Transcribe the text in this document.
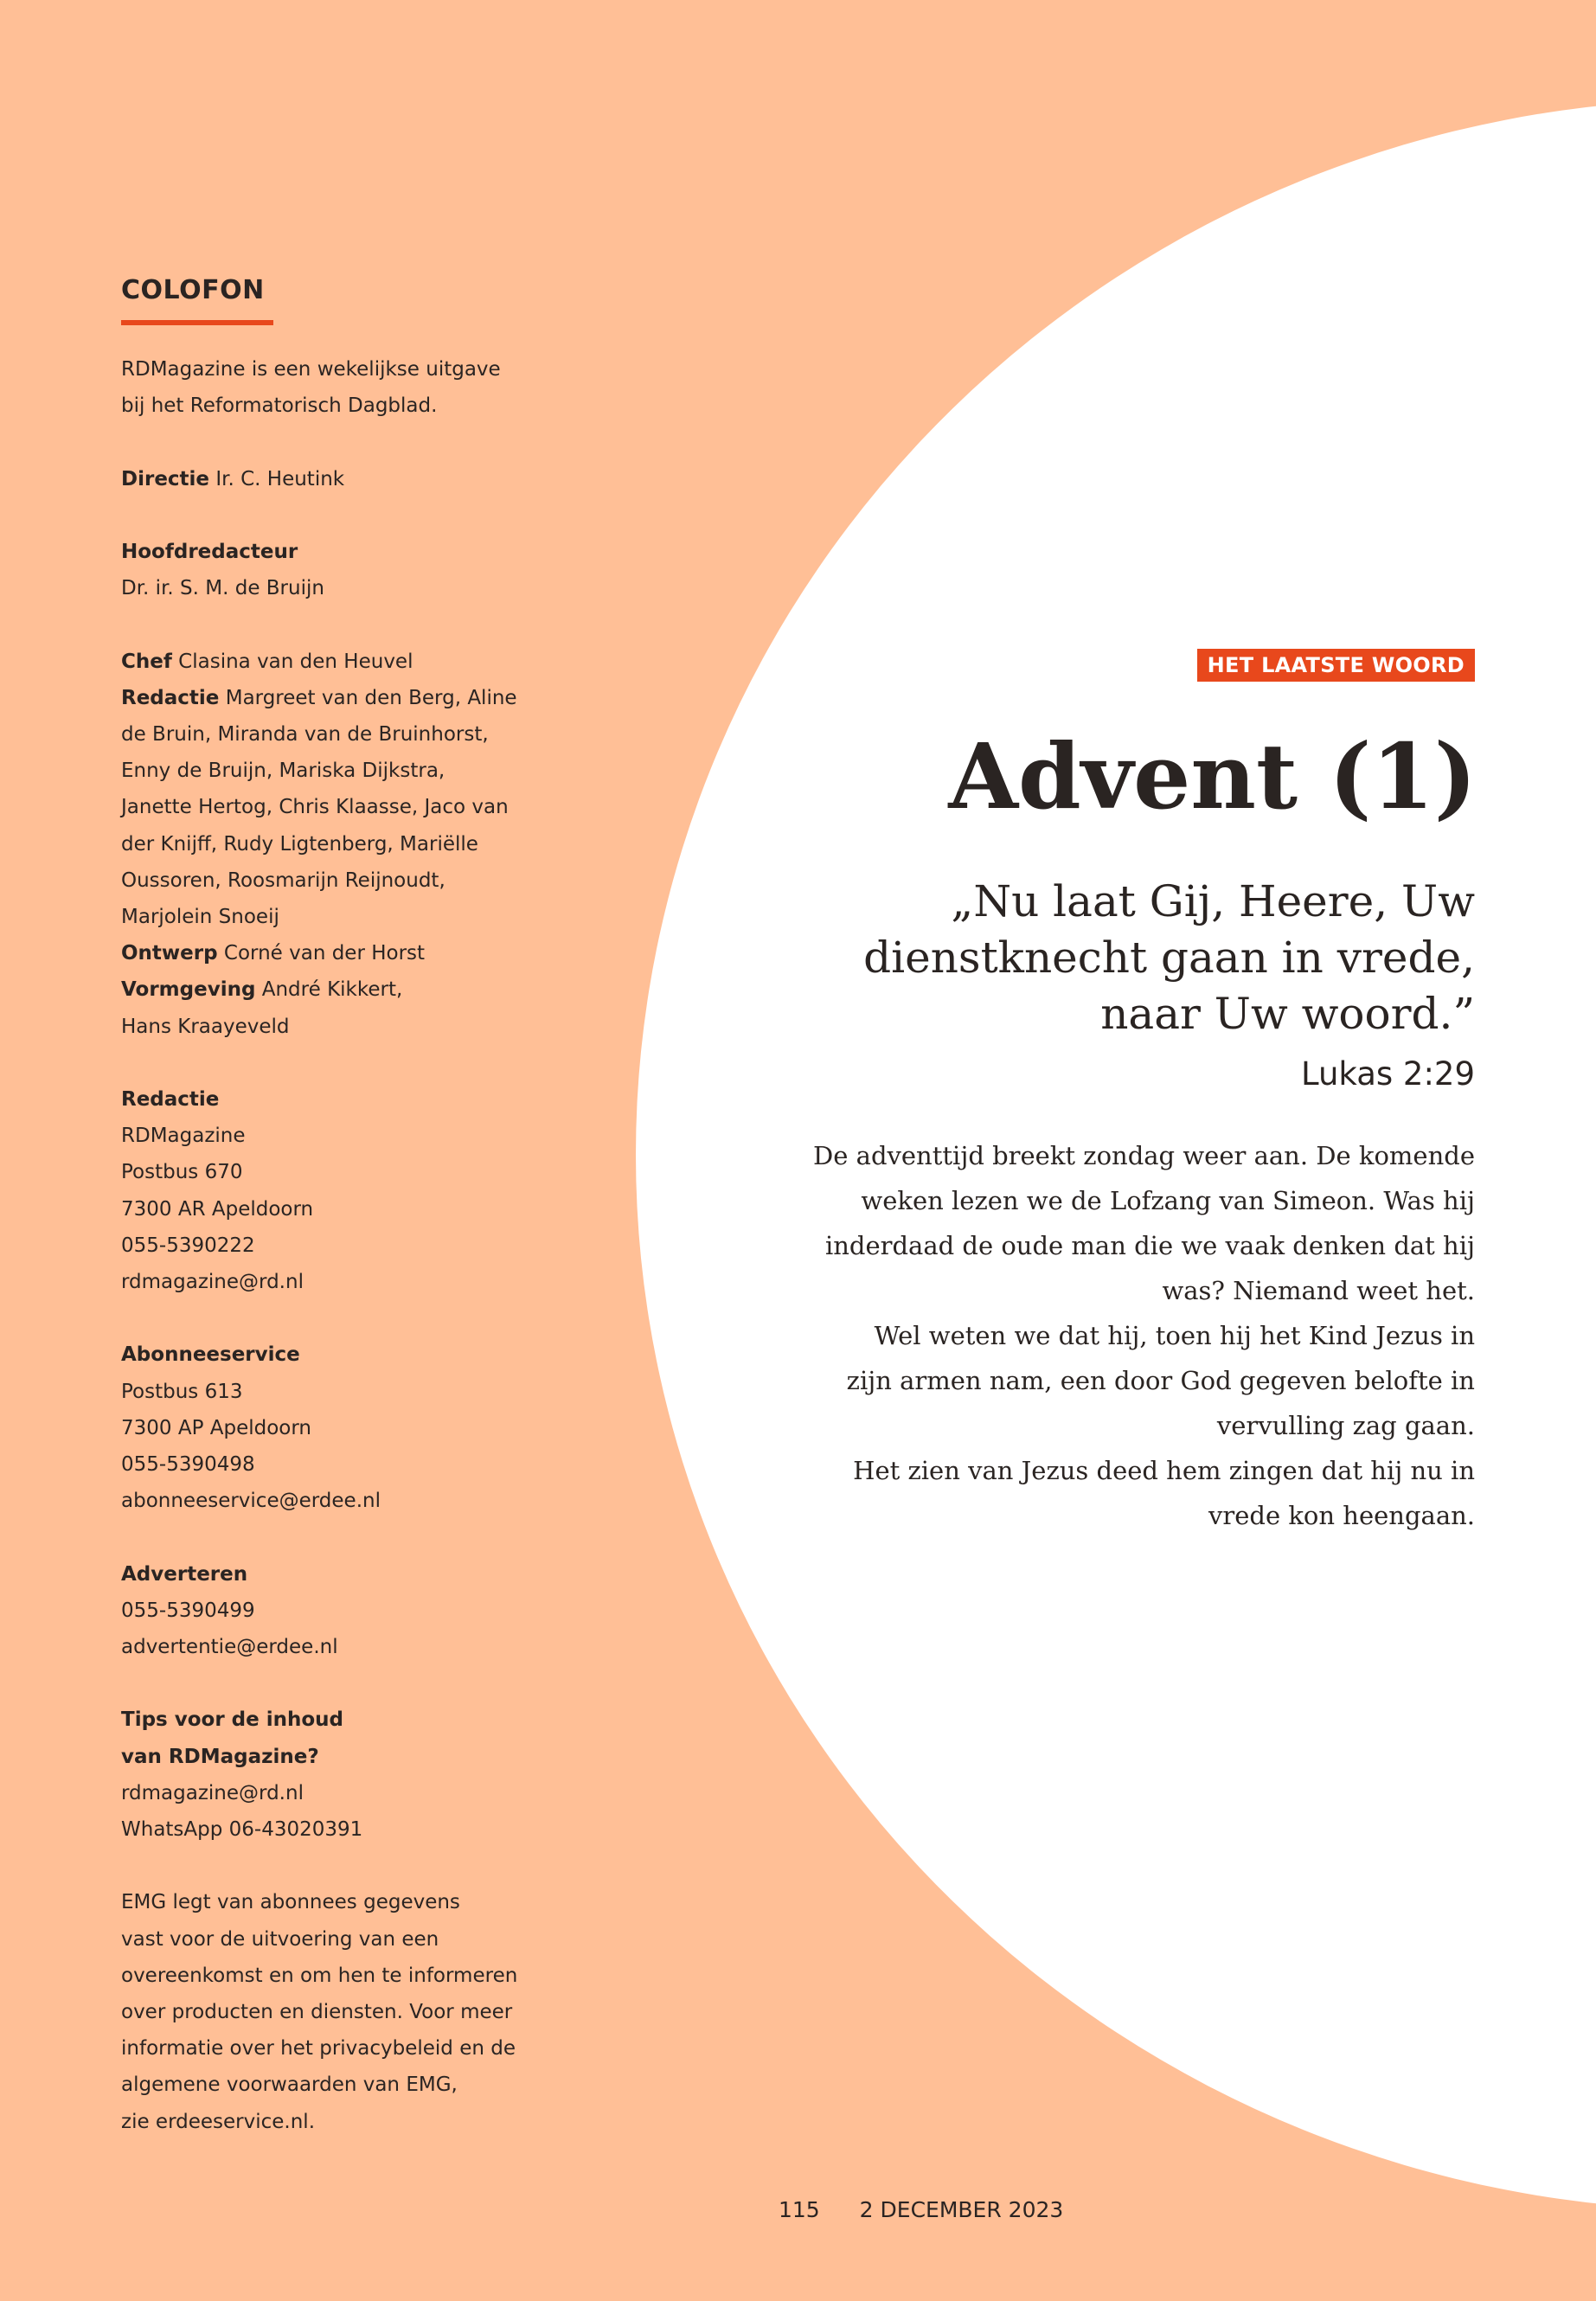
COLOFON
RDMagazine is een wekelijkse uitgave
bij het Reformatorisch Dagblad.
Directie Ir. C. Heutink
Hoofdredacteur
Dr. ir. S. M. de Bruijn
Chef Clasina van den Heuvel
Redactie Margreet van den Berg, Aline
de Bruin, Miranda van de Bruinhorst,
Enny de Bruijn, Mariska Dijkstra,
Janette Hertog, Chris Klaasse, Jaco van
der Knijff, Rudy Ligtenberg, Mariëlle
Oussoren, Roosmarijn Reijnoudt,
Marjolein Snoeij
Ontwerp Corné van der Horst
Vormgeving André Kikkert,
Hans Kraayeveld
Redactie
RDMagazine
Postbus 670
7300 AR Apeldoorn
055-5390222
rdmagazine@rd.nl
Abonneeservice
Postbus 613
7300 AP Apeldoorn
055-5390498
abonneeservice@erdee.nl
Adverteren
055-5390499
advertentie@erdee.nl
Tips voor de inhoud
van RDMagazine?
rdmagazine@rd.nl
WhatsApp 06-43020391
EMG legt van abonnees gegevens
vast voor de uitvoering van een
overeenkomst en om hen te informeren
over producten en diensten. Voor meer
informatie over het privacybeleid en de
algemene voorwaarden van EMG,
zie erdeeservice.nl.
HET LAATSTE WOORD
Advent (1)
„Nu laat Gij, Heere, Uw
dienstknecht gaan in vrede,
naar Uw woord.”
Lukas 2:29
De adventtijd breekt zondag weer aan. De komende
weken lezen we de Lofzang van Simeon. Was hij
inderdaad de oude man die we vaak denken dat hij
was? Niemand weet het.
Wel weten we dat hij, toen hij het Kind Jezus in
zijn armen nam, een door God gegeven belofte in
vervulling zag gaan.
Het zien van Jezus deed hem zingen dat hij nu in
vrede kon heengaan.
115 2 DECEMBER 2023
